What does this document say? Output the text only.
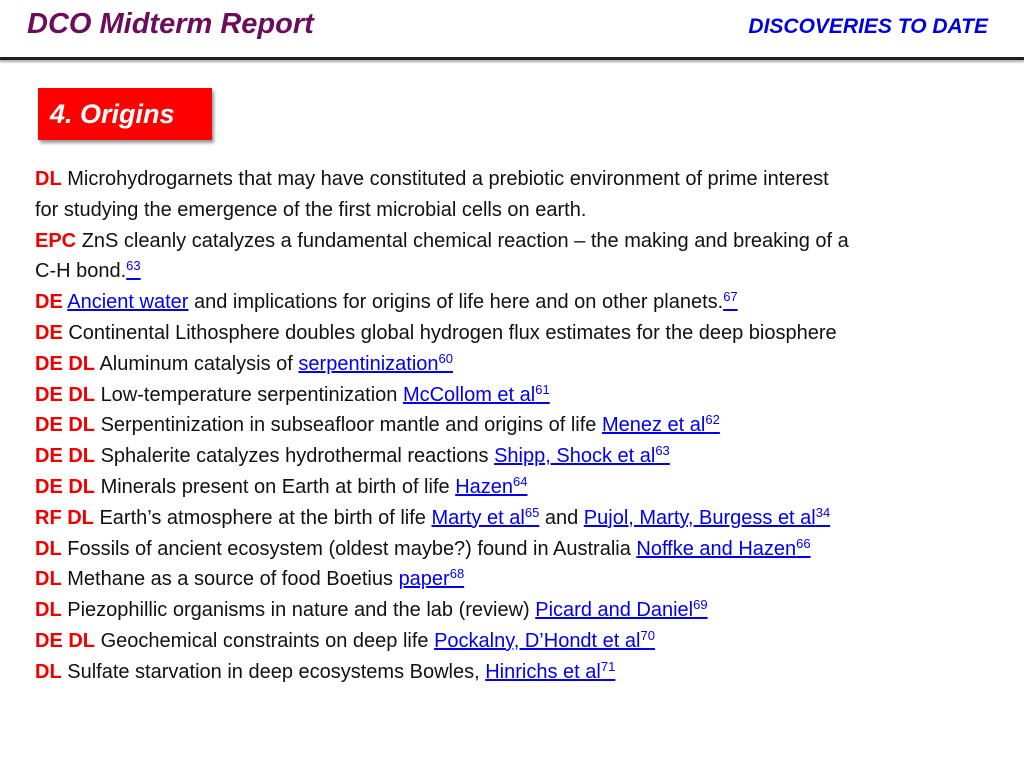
DCO Midterm Report	DISCOVERIES TO DATE
4. Origins
DL Microhydrogarnets that may have constituted a prebiotic environment of prime interest
for studying the emergence of the first microbial cells on earth.
EPC ZnS cleanly catalyzes a fundamental chemical reaction – the making and breaking of a
C-H bond.$^{63}$
DE Ancient water and implications for origins of life here and on other planets.$^{67}$
DE Continental Lithosphere doubles global hydrogen flux estimates for the deep biosphere
DE DL Aluminum catalysis of serpentinization$^{60}$
DE DL Low-temperature serpentinization McCollom et al$^{61}$
DE DL Serpentinization in subseafloor mantle and origins of life Menez et al$^{62}$
DE DL Sphalerite catalyzes hydrothermal reactions Shipp, Shock et al$^{63}$
DE DL Minerals present on Earth at birth of life Hazen$^{64}$
RF DL Earth’s atmosphere at the birth of life Marty et al$^{65}$ and Pujol, Marty, Burgess et al$^{34}$
DL Fossils of ancient ecosystem (oldest maybe?) found in Australia Noffke and Hazen$^{66}$
DL Methane as a source of food Boetius paper$^{68}$
DL Piezophillic organisms in nature and the lab (review) Picard and Daniel$^{69}$
DE DL Geochemical constraints on deep life Pockalny, D’Hondt et al$^{70}$
DL Sulfate starvation in deep ecosystems Bowles, Hinrichs et al$^{71}$
